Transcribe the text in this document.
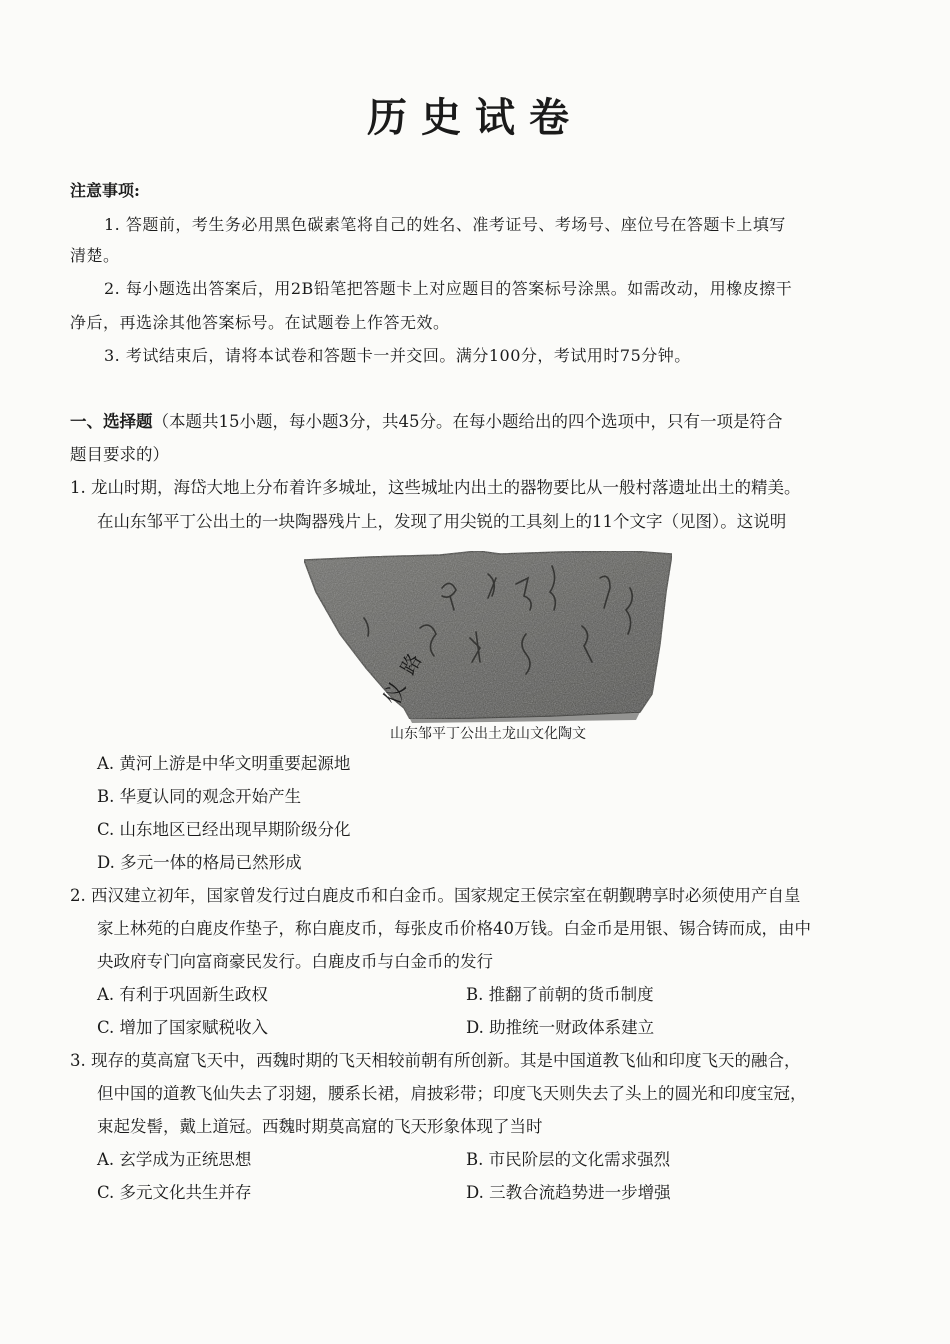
历史试卷
注意事项:
1. 答题前，考生务必用黑色碳素笔将自己的姓名、准考证号、考场号、座位号在答题卡上填写
清楚。
2. 每小题选出答案后，用2B铅笔把答题卡上对应题目的答案标号涂黑。如需改动，用橡皮擦干
净后，再选涂其他答案标号。在试题卷上作答无效。
3. 考试结束后，请将本试卷和答题卡一并交回。满分100分，考试用时75分钟。
一、选择题（本题共15小题，每小题3分，共45分。在每小题给出的四个选项中，只有一项是符合
题目要求的）
1. 龙山时期，海岱大地上分布着许多城址，这些城址内出土的器物要比从一般村落遗址出土的精美。
在山东邹平丁公出土的一块陶器残片上，发现了用尖锐的工具刻上的11个文字（见图）。这说明
路
仪
山东邹平丁公出土龙山文化陶文
A. 黄河上游是中华文明重要起源地
B. 华夏认同的观念开始产生
C. 山东地区已经出现早期阶级分化
D. 多元一体的格局已然形成
2. 西汉建立初年，国家曾发行过白鹿皮币和白金币。国家规定王侯宗室在朝觐聘享时必须使用产自皇
家上林苑的白鹿皮作垫子，称白鹿皮币，每张皮币价格40万钱。白金币是用银、锡合铸而成，由中
央政府专门向富商豪民发行。白鹿皮币与白金币的发行
A. 有利于巩固新生政权	B. 推翻了前朝的货币制度
C. 增加了国家赋税收入	D. 助推统一财政体系建立
3. 现存的莫高窟飞天中，西魏时期的飞天相较前朝有所创新。其是中国道教飞仙和印度飞天的融合，
但中国的道教飞仙失去了羽翅，腰系长裙，肩披彩带；印度飞天则失去了头上的圆光和印度宝冠，
束起发髻，戴上道冠。西魏时期莫高窟的飞天形象体现了当时
A. 玄学成为正统思想	B. 市民阶层的文化需求强烈
C. 多元文化共生并存	D. 三教合流趋势进一步增强
